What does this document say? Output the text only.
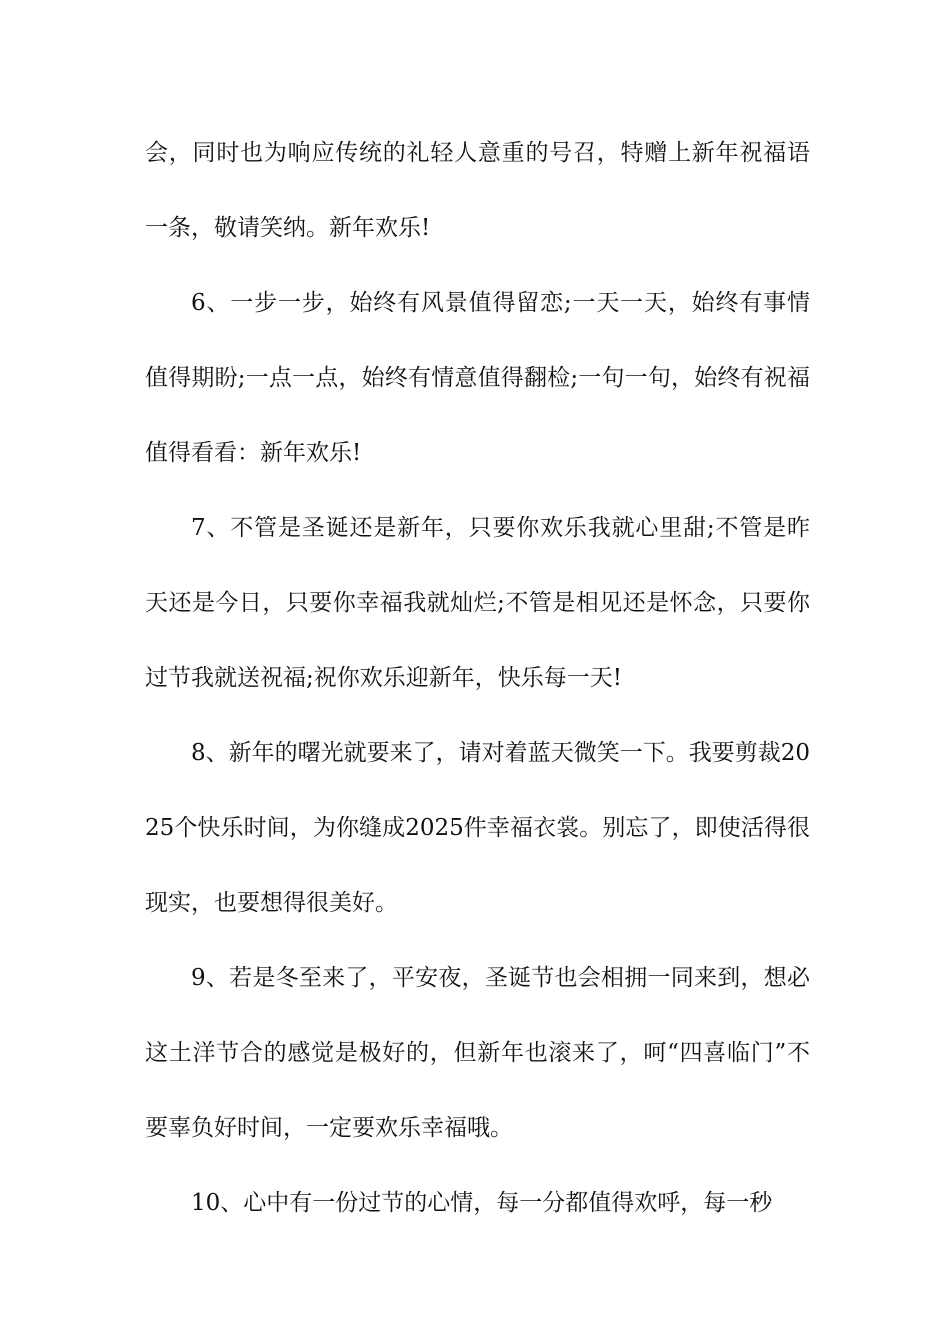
会，同时也为响应传统的礼轻人意重的号召，特赠上新年祝福语一条，敬请笑纳。新年欢乐!

6、一步一步，始终有风景值得留恋;一天一天，始终有事情值得期盼;一点一点，始终有情意值得翻检;一句一句，始终有祝福值得看看：新年欢乐!

7、不管是圣诞还是新年，只要你欢乐我就心里甜;不管是昨天还是今日，只要你幸福我就灿烂;不管是相见还是怀念，只要你过节我就送祝福;祝你欢乐迎新年，快乐每一天!

8、新年的曙光就要来了，请对着蓝天微笑一下。我要剪裁2025个快乐时间，为你缝成2025件幸福衣裳。别忘了，即使活得很现实，也要想得很美好。

9、若是冬至来了，平安夜，圣诞节也会相拥一同来到，想必这土洋节合的感觉是极好的，但新年也滚来了，呵“四喜临门”不要辜负好时间，一定要欢乐幸福哦。

10、心中有一份过节的心情，每一分都值得欢呼，每一秒
